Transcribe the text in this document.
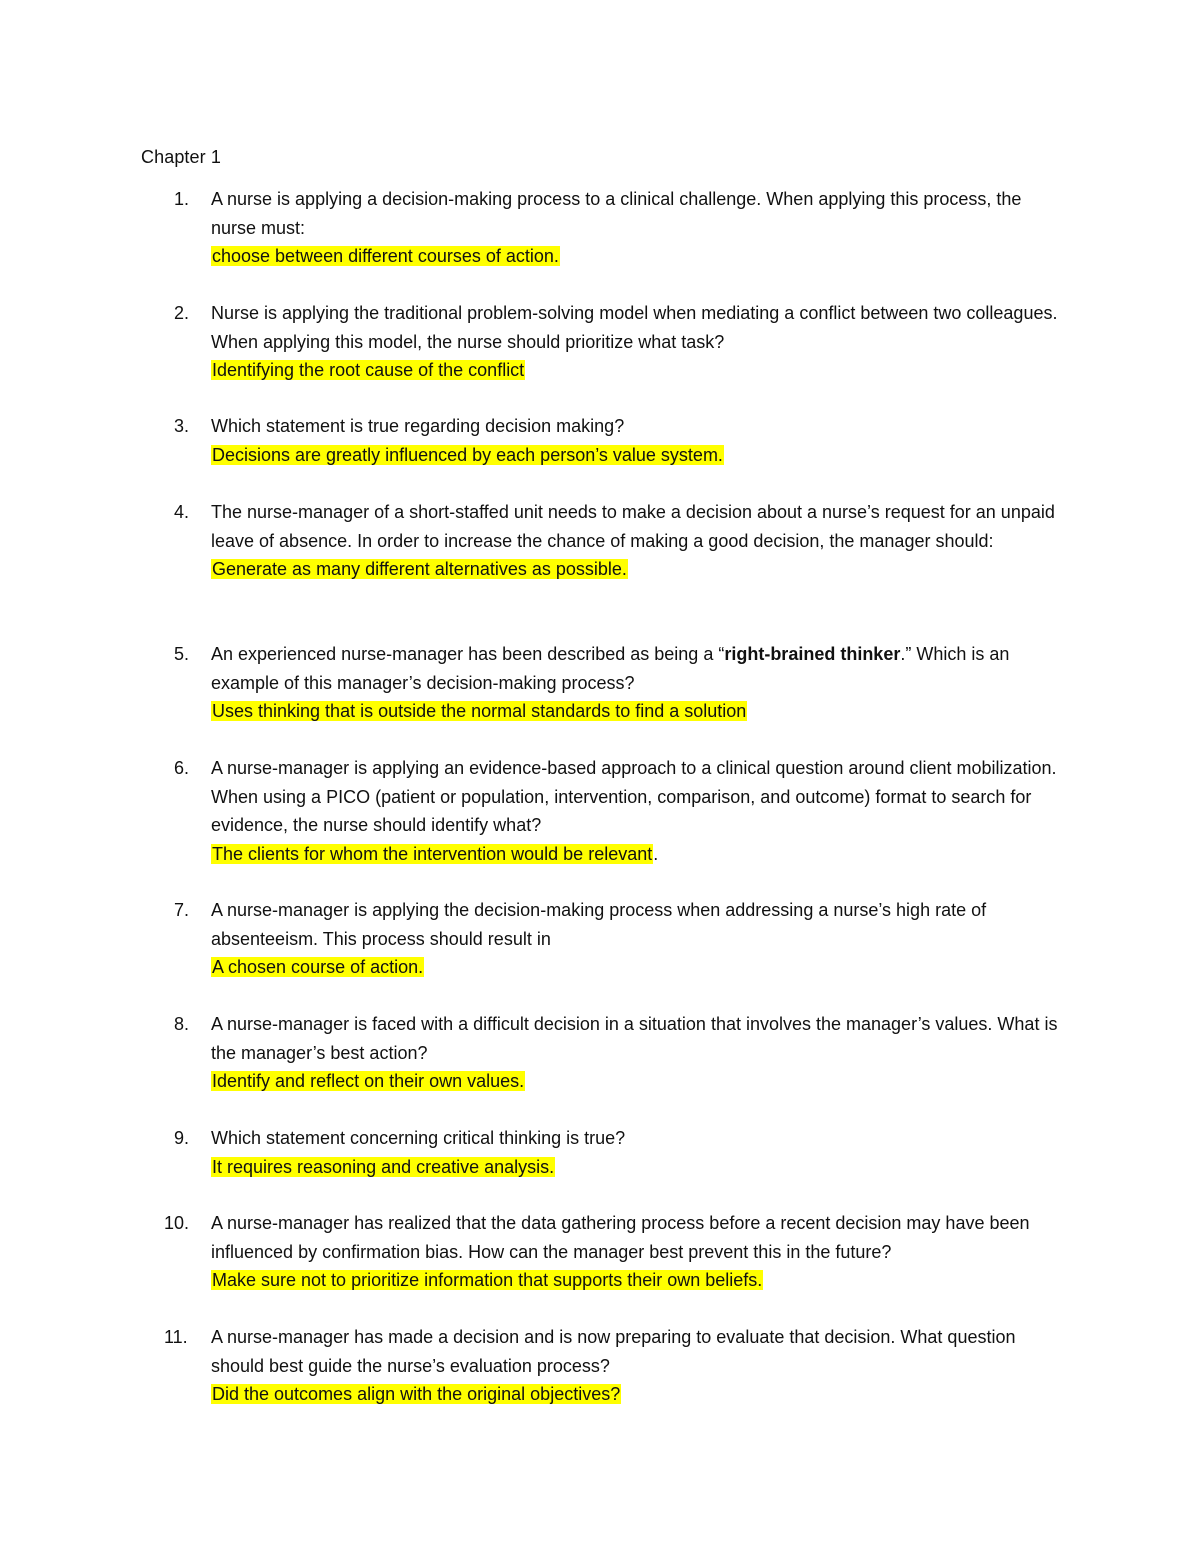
Chapter 1
1. A nurse is applying a decision-making process to a clinical challenge. When applying this process, the nurse must:
choose between different courses of action.
2. Nurse is applying the traditional problem-solving model when mediating a conflict between two colleagues. When applying this model, the nurse should prioritize what task?
Identifying the root cause of the conflict
3. Which statement is true regarding decision making?
Decisions are greatly influenced by each person’s value system.
4. The nurse-manager of a short-staffed unit needs to make a decision about a nurse’s request for an unpaid leave of absence. In order to increase the chance of making a good decision, the manager should:
Generate as many different alternatives as possible.
5. An experienced nurse-manager has been described as being a “right-brained thinker.” Which is an example of this manager’s decision-making process?
Uses thinking that is outside the normal standards to find a solution
6. A nurse-manager is applying an evidence-based approach to a clinical question around client mobilization. When using a PICO (patient or population, intervention, comparison, and outcome) format to search for evidence, the nurse should identify what?
The clients for whom the intervention would be relevant.
7. A nurse-manager is applying the decision-making process when addressing a nurse’s high rate of absenteeism. This process should result in
A chosen course of action.
8. A nurse-manager is faced with a difficult decision in a situation that involves the manager’s values. What is the manager’s best action?
Identify and reflect on their own values.
9. Which statement concerning critical thinking is true?
It requires reasoning and creative analysis.
10. A nurse-manager has realized that the data gathering process before a recent decision may have been influenced by confirmation bias. How can the manager best prevent this in the future?
Make sure not to prioritize information that supports their own beliefs.
11. A nurse-manager has made a decision and is now preparing to evaluate that decision. What question should best guide the nurse’s evaluation process?
Did the outcomes align with the original objectives?
